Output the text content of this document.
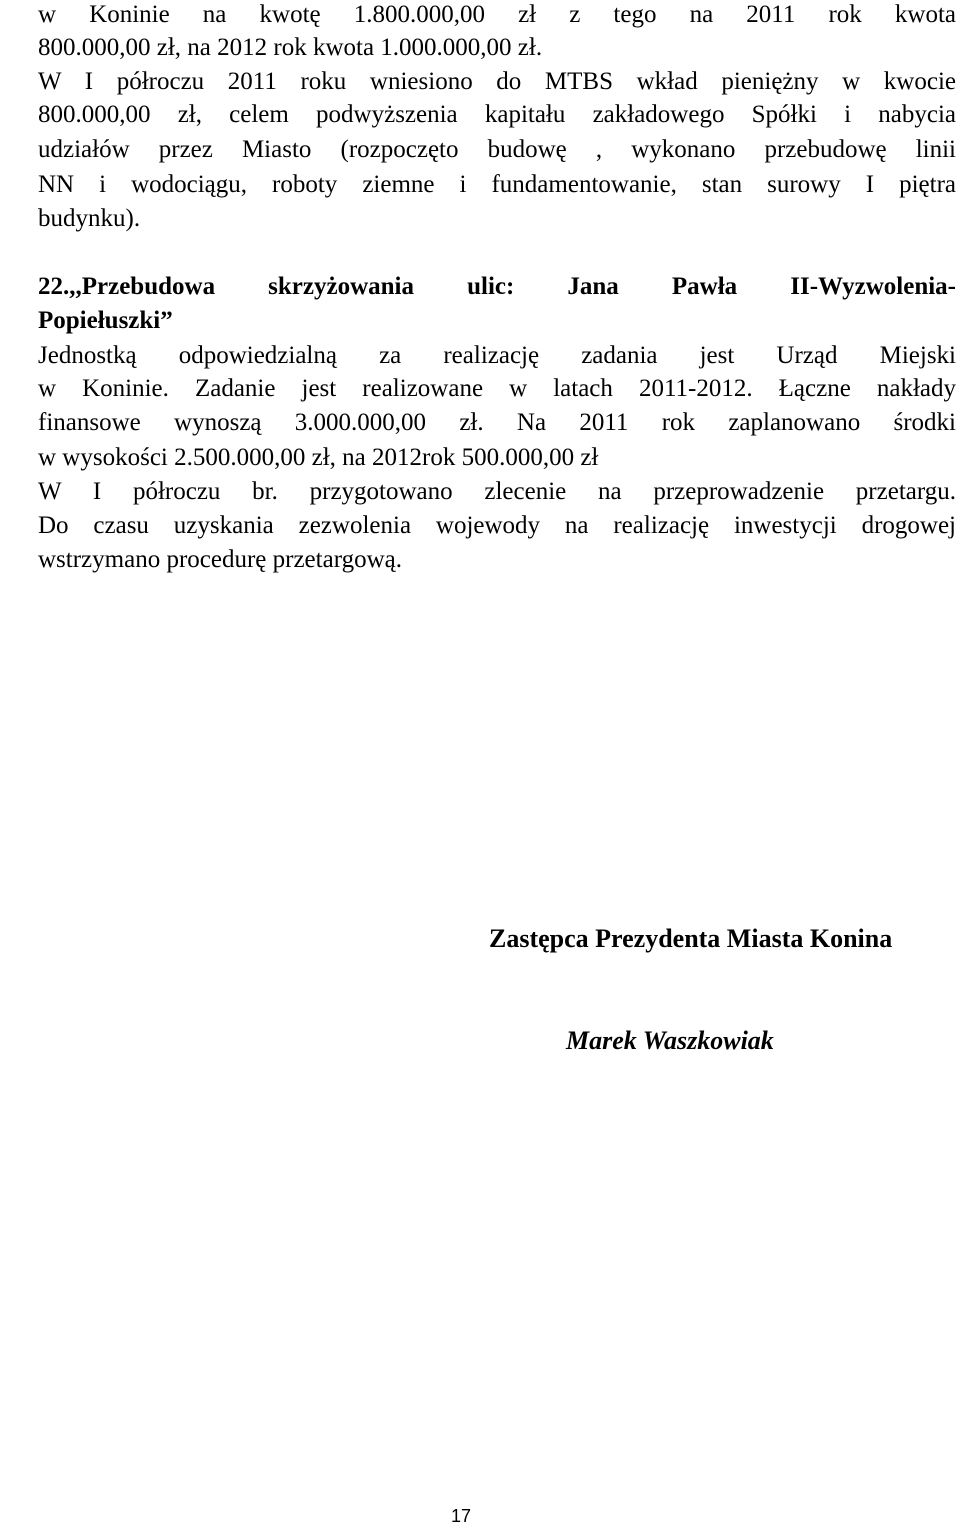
w Koninie na kwotę 1.800.000,00 zł z tego na 2011 rok kwota
800.000,00 zł, na 2012 rok kwota 1.000.000,00 zł.
W I półroczu 2011 roku wniesiono do MTBS wkład pieniężny w kwocie
800.000,00 zł, celem podwyższenia kapitału zakładowego Spółki i nabycia
udziałów przez Miasto (rozpoczęto budowę , wykonano przebudowę linii
NN i wodociągu, roboty ziemne i fundamentowanie, stan surowy I piętra
budynku).
22.,,Przebudowa skrzyżowania ulic: Jana Pawła II-Wyzwolenia-
Popiełuszki”
Jednostką odpowiedzialną za realizację zadania jest Urząd Miejski
w Koninie. Zadanie jest realizowane w latach 2011-2012. Łączne nakłady
finansowe wynoszą 3.000.000,00 zł. Na 2011 rok zaplanowano środki
w wysokości 2.500.000,00 zł, na 2012rok 500.000,00 zł
W I półroczu br. przygotowano zlecenie na przeprowadzenie przetargu.
Do czasu uzyskania zezwolenia wojewody na realizację inwestycji drogowej
wstrzymano procedurę przetargową.
Zastępca Prezydenta Miasta Konina
Marek Waszkowiak
17
